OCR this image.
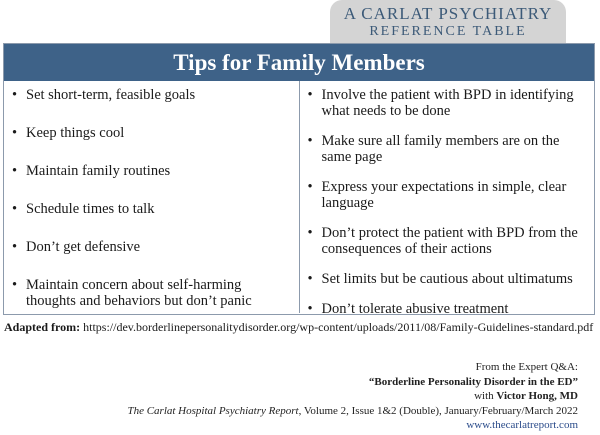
A CARLAT PSYCHIATRY
REFERENCE TABLE
Tips for Family Members
• Set short-term, feasible goals
• Keep things cool
• Maintain family routines
• Schedule times to talk
• Don’t get defensive
• Maintain concern about self-harming thoughts and behaviors but don’t panic
• Involve the patient with BPD in identifying what needs to be done
• Make sure all family members are on the same page
• Express your expectations in simple, clear language
• Don’t protect the patient with BPD from the consequences of their actions
• Set limits but be cautious about ultimatums
• Don’t tolerate abusive treatment
Adapted from: https://dev.borderlinepersonalitydisorder.org/wp-content/uploads/2011/08/Family-Guidelines-standard.pdf
From the Expert Q&A:
“Borderline Personality Disorder in the ED”
with Victor Hong, MD
The Carlat Hospital Psychiatry Report, Volume 2, Issue 1&2 (Double), January/February/March 2022
www.thecarlatreport.com
